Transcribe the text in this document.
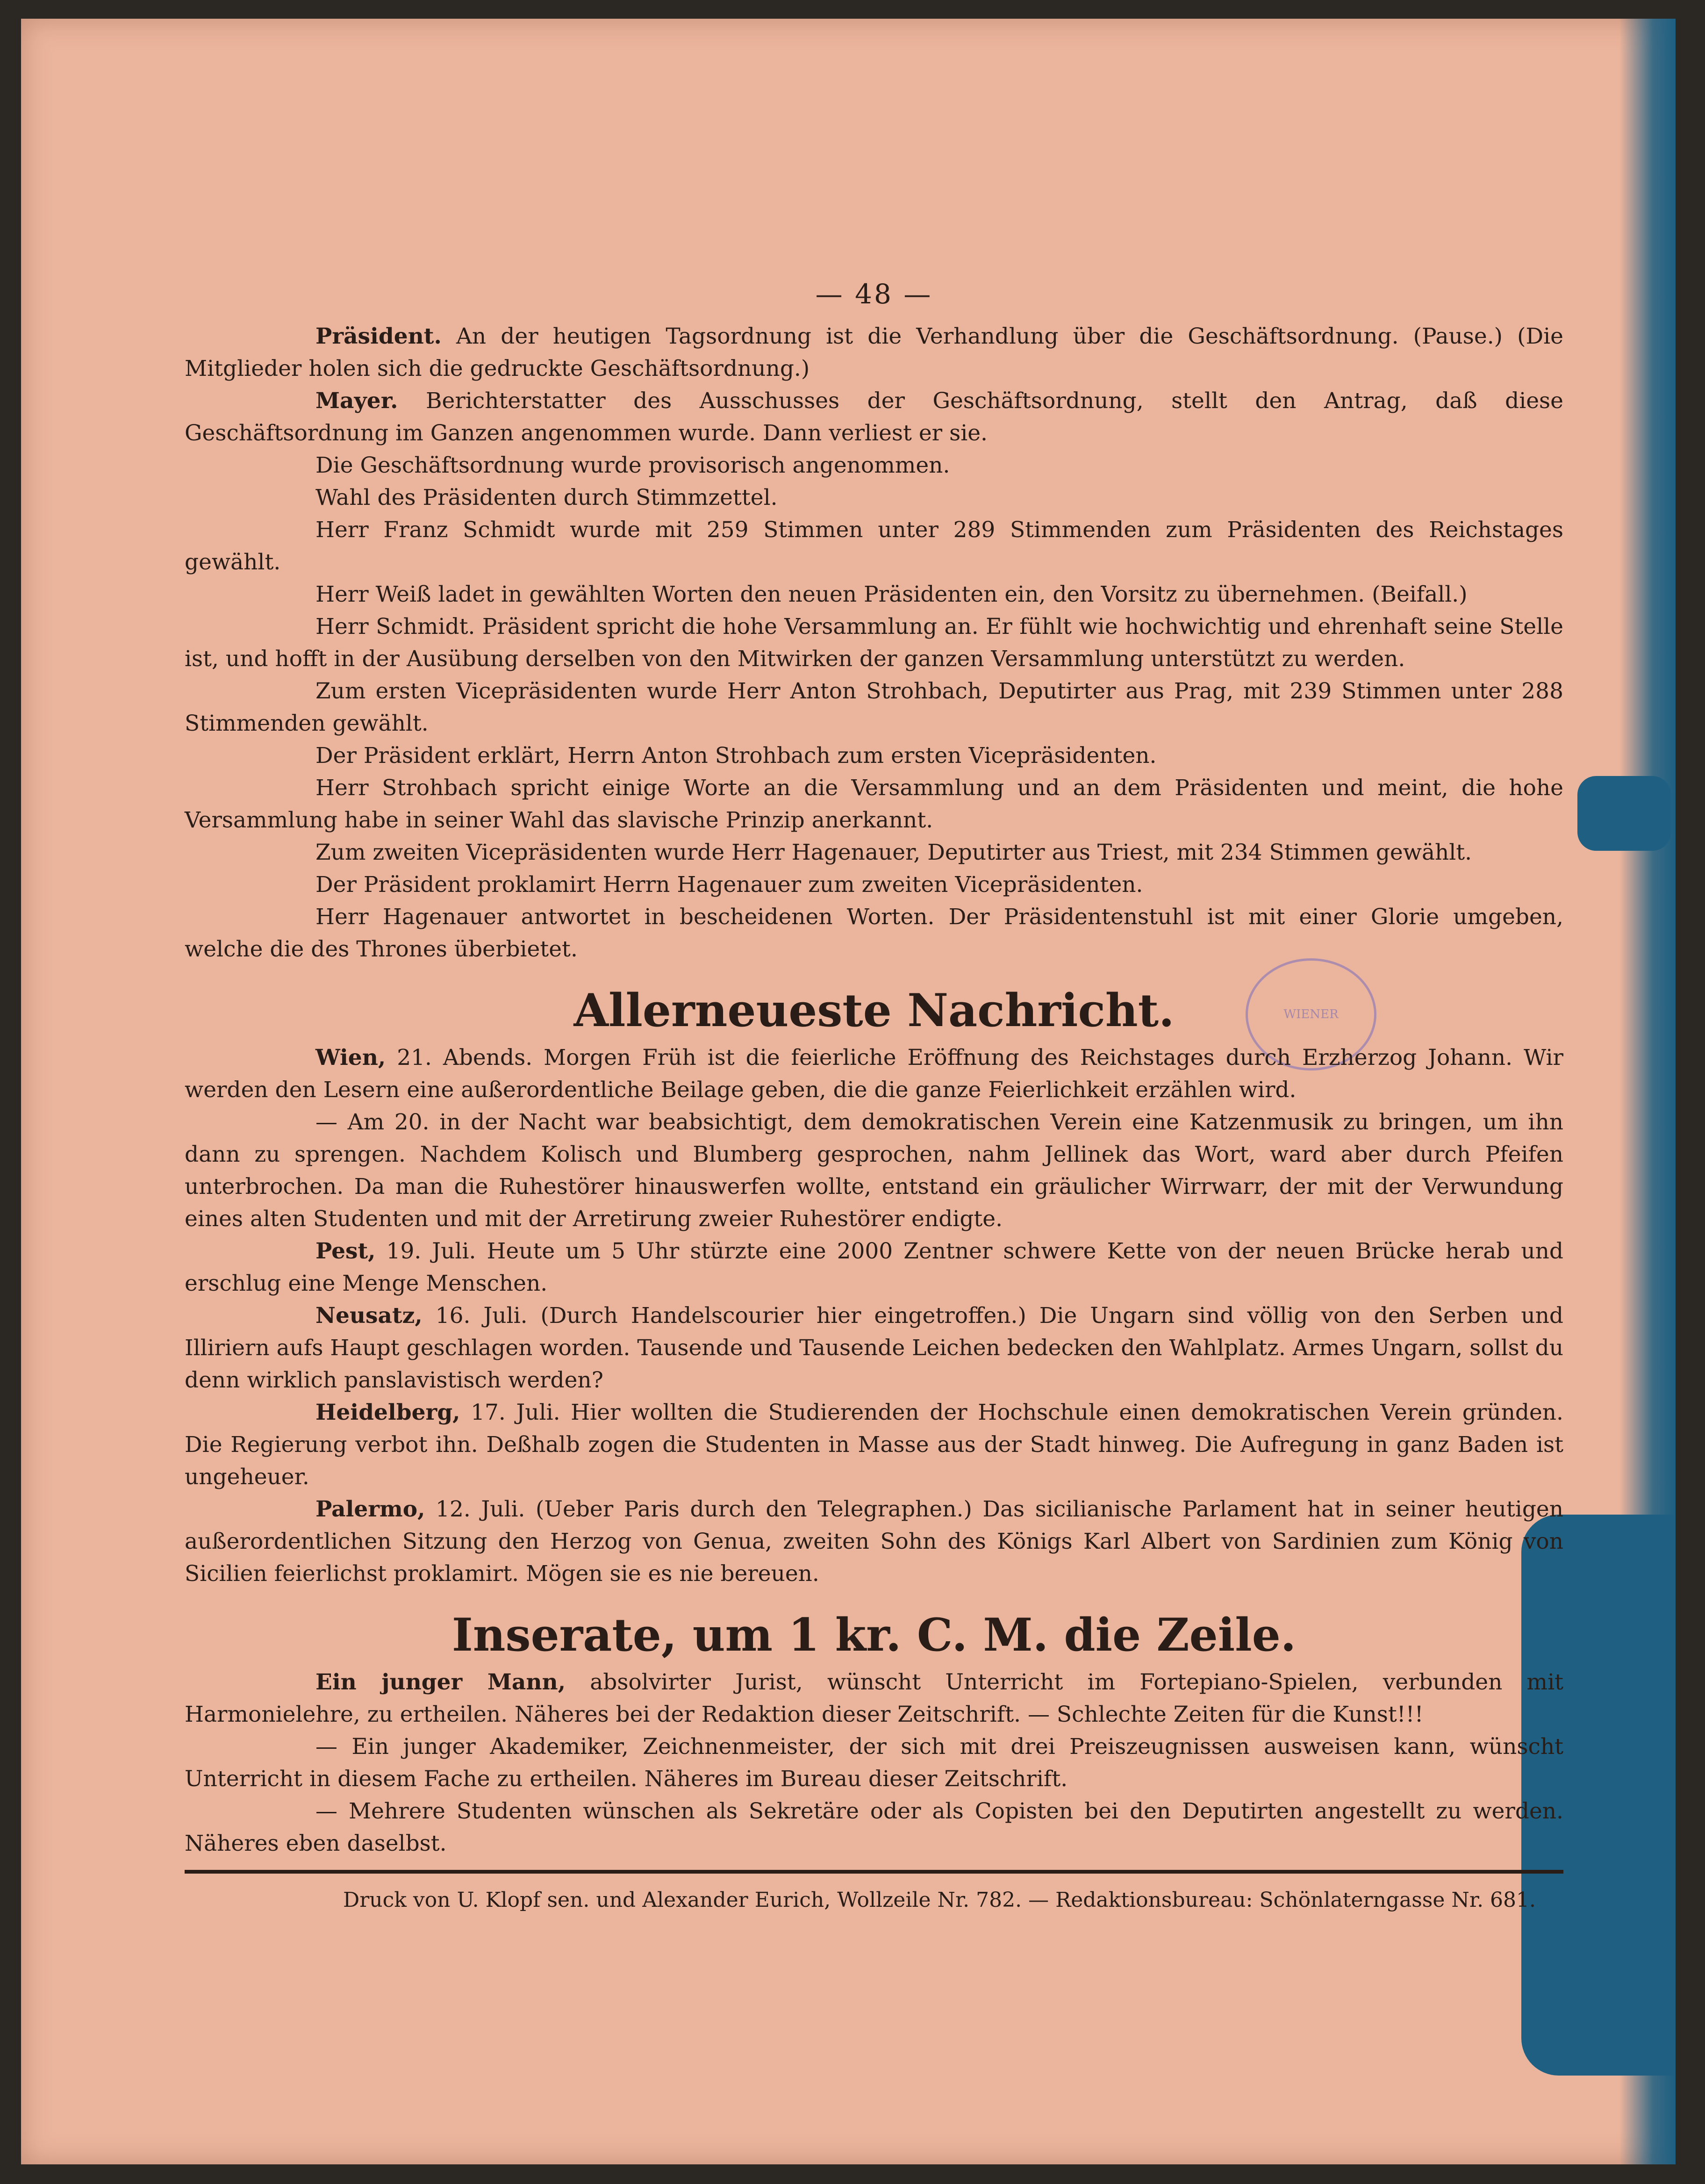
WIENER
— 48 —

Präsident. An der heutigen Tagsordnung ist die Verhandlung über die Geschäftsordnung. (Pause.) (Die Mitglieder holen sich die gedruckte Geschäftsordnung.)

Mayer. Berichterstatter des Ausschusses der Geschäftsordnung, stellt den Antrag, daß diese Geschäftsordnung im Ganzen angenommen wurde. Dann verliest er sie.

Die Geschäftsordnung wurde provisorisch angenommen.

Wahl des Präsidenten durch Stimmzettel.

Herr Franz Schmidt wurde mit 259 Stimmen unter 289 Stimmenden zum Präsidenten des Reichstages gewählt.

Herr Weiß ladet in gewählten Worten den neuen Präsidenten ein, den Vorsitz zu übernehmen. (Beifall.)

Herr Schmidt. Präsident spricht die hohe Versammlung an. Er fühlt wie hochwichtig und ehrenhaft seine Stelle ist, und hofft in der Ausübung derselben von den Mitwirken der ganzen Versammlung unterstützt zu werden.

Zum ersten Vicepräsidenten wurde Herr Anton Strohbach, Deputirter aus Prag, mit 239 Stimmen unter 288 Stimmenden gewählt.

Der Präsident erklärt, Herrn Anton Strohbach zum ersten Vicepräsidenten.

Herr Strohbach spricht einige Worte an die Versammlung und an dem Präsidenten und meint, die hohe Versammlung habe in seiner Wahl das slavische Prinzip anerkannt.

Zum zweiten Vicepräsidenten wurde Herr Hagenauer, Deputirter aus Triest, mit 234 Stimmen gewählt.

Der Präsident proklamirt Herrn Hagenauer zum zweiten Vicepräsidenten.

Herr Hagenauer antwortet in bescheidenen Worten. Der Präsidentenstuhl ist mit einer Glorie umgeben, welche die des Thrones überbietet.

Allerneueste Nachricht.

Wien, 21. Abends. Morgen Früh ist die feierliche Eröffnung des Reichstages durch Erzherzog Johann. Wir werden den Lesern eine außerordentliche Beilage geben, die die ganze Feierlichkeit erzählen wird.

— Am 20. in der Nacht war beabsichtigt, dem demokratischen Verein eine Katzenmusik zu bringen, um ihn dann zu sprengen. Nachdem Kolisch und Blumberg gesprochen, nahm Jellinek das Wort, ward aber durch Pfeifen unterbrochen. Da man die Ruhestörer hinauswerfen wollte, entstand ein gräulicher Wirrwarr, der mit der Verwundung eines alten Studenten und mit der Arretirung zweier Ruhestörer endigte.

Pest, 19. Juli. Heute um 5 Uhr stürzte eine 2000 Zentner schwere Kette von der neuen Brücke herab und erschlug eine Menge Menschen.

Neusatz, 16. Juli. (Durch Handelscourier hier eingetroffen.) Die Ungarn sind völlig von den Serben und Illiriern aufs Haupt geschlagen worden. Tausende und Tausende Leichen bedecken den Wahlplatz. Armes Ungarn, sollst du denn wirklich panslavistisch werden?

Heidelberg, 17. Juli. Hier wollten die Studierenden der Hochschule einen demokratischen Verein gründen. Die Regierung verbot ihn. Deßhalb zogen die Studenten in Masse aus der Stadt hinweg. Die Aufregung in ganz Baden ist ungeheuer.

Palermo, 12. Juli. (Ueber Paris durch den Telegraphen.) Das sicilianische Parlament hat in seiner heutigen außerordentlichen Sitzung den Herzog von Genua, zweiten Sohn des Königs Karl Albert von Sardinien zum König von Sicilien feierlichst proklamirt. Mögen sie es nie bereuen.

Inserate, um 1 kr. C. M. die Zeile.

Ein junger Mann, absolvirter Jurist, wünscht Unterricht im Fortepiano-Spielen, verbunden mit Harmonielehre, zu ertheilen. Näheres bei der Redaktion dieser Zeitschrift. — Schlechte Zeiten für die Kunst!!!

— Ein junger Akademiker, Zeichnenmeister, der sich mit drei Preiszeugnissen ausweisen kann, wünscht Unterricht in diesem Fache zu ertheilen. Näheres im Bureau dieser Zeitschrift.

— Mehrere Studenten wünschen als Sekretäre oder als Copisten bei den Deputirten angestellt zu werden. Näheres eben daselbst.

Druck von U. Klopf sen. und Alexander Eurich, Wollzeile Nr. 782. — Redaktionsbureau: Schönlaterngasse Nr. 681.
